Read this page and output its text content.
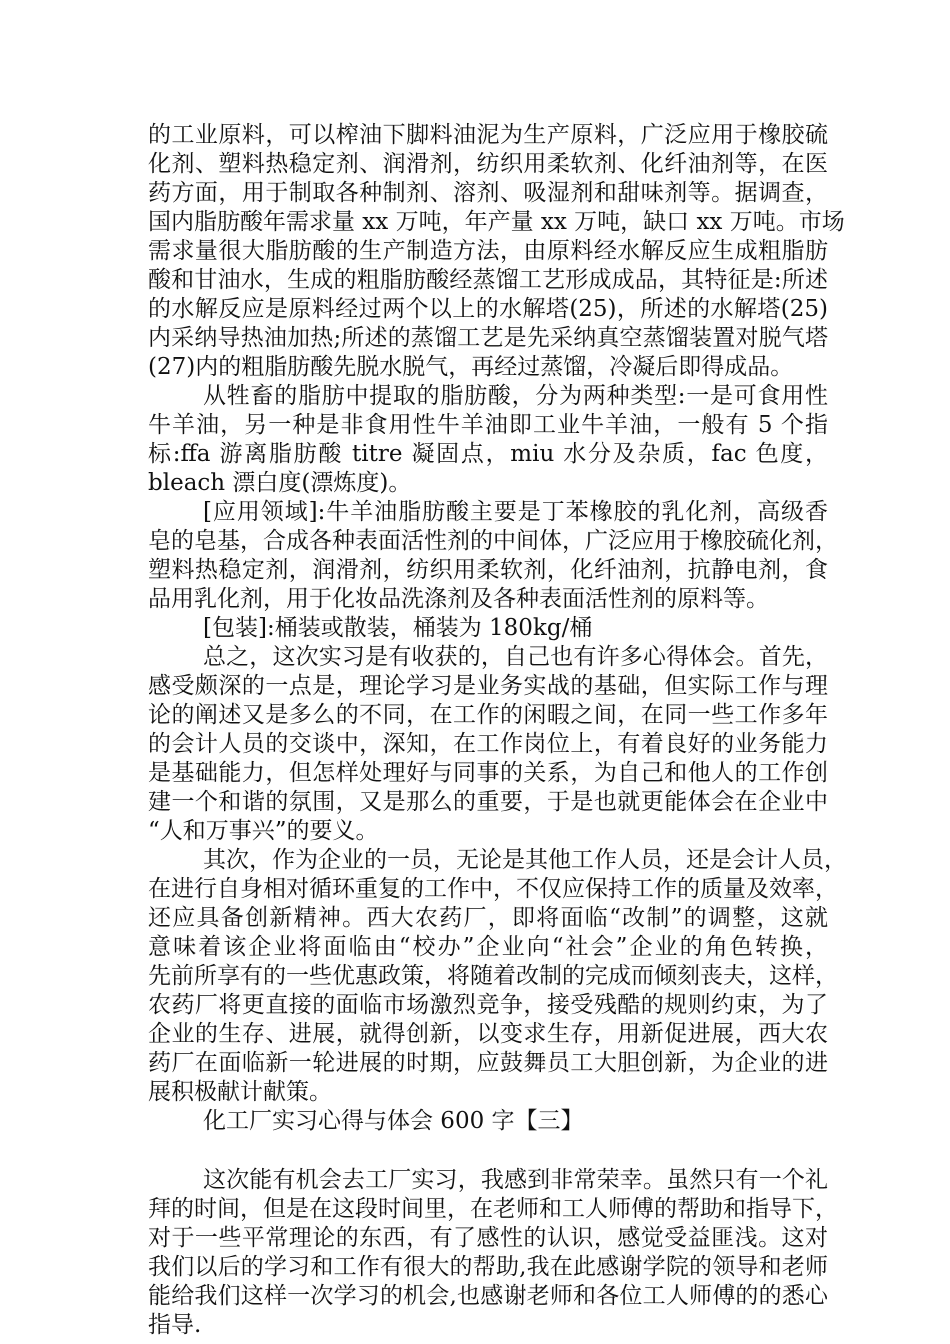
的工业原料，可以榨油下脚料油泥为生产原料，广泛应用于橡胶硫
化剂、塑料热稳定剂、润滑剂，纺织用柔软剂、化纤油剂等，在医
药方面，用于制取各种制剂、溶剂、吸湿剂和甜味剂等。据调查，
国内脂肪酸年需求量 xx 万吨，年产量 xx 万吨，缺口 xx 万吨。市场
需求量很大脂肪酸的生产制造方法，由原料经水解反应生成粗脂肪
酸和甘油水，生成的粗脂肪酸经蒸馏工艺形成成品，其特征是:所述
的水解反应是原料经过两个以上的水解塔(25)，所述的水解塔(25)
内采纳导热油加热;所述的蒸馏工艺是先采纳真空蒸馏装置对脱气塔
(27)内的粗脂肪酸先脱水脱气，再经过蒸馏，冷凝后即得成品。
从牲畜的脂肪中提取的脂肪酸，分为两种类型:一是可食用性
牛羊油，另一种是非食用性牛羊油即工业牛羊油，一般有 5 个指
标:ffa 游离脂肪酸 titre 凝固点，miu 水分及杂质，fac 色度，
bleach 漂白度(漂炼度)。
[应用领域]:牛羊油脂肪酸主要是丁苯橡胶的乳化剂，高级香
皂的皂基，合成各种表面活性剂的中间体，广泛应用于橡胶硫化剂，
塑料热稳定剂，润滑剂，纺织用柔软剂，化纤油剂，抗静电剂，食
品用乳化剂，用于化妆品洗涤剂及各种表面活性剂的原料等。
[包装]:桶装或散装，桶装为 180kg/桶
总之，这次实习是有收获的，自己也有许多心得体会。首先，
感受颇深的一点是，理论学习是业务实战的基础，但实际工作与理
论的阐述又是多么的不同，在工作的闲暇之间，在同一些工作多年
的会计人员的交谈中，深知，在工作岗位上，有着良好的业务能力
是基础能力，但怎样处理好与同事的关系，为自己和他人的工作创
建一个和谐的氛围，又是那么的重要，于是也就更能体会在企业中
“人和万事兴”的要义。
其次，作为企业的一员，无论是其他工作人员，还是会计人员，
在进行自身相对循环重复的工作中，不仅应保持工作的质量及效率，
还应具备创新精神。西大农药厂，即将面临“改制”的调整，这就
意味着该企业将面临由“校办”企业向“社会”企业的角色转换，
先前所享有的一些优惠政策，将随着改制的完成而倾刻丧夫，这样，
农药厂将更直接的面临市场激烈竞争，接受残酷的规则约束，为了
企业的生存、进展，就得创新，以变求生存，用新促进展，西大农
药厂在面临新一轮进展的时期，应鼓舞员工大胆创新，为企业的进
展积极献计献策。
化工厂实习心得与体会 600 字【三】
这次能有机会去工厂实习，我感到非常荣幸。虽然只有一个礼
拜的时间，但是在这段时间里，在老师和工人师傅的帮助和指导下，
对于一些平常理论的东西，有了感性的认识，感觉受益匪浅。这对
我们以后的学习和工作有很大的帮助,我在此感谢学院的领导和老师
能给我们这样一次学习的机会,也感谢老师和各位工人师傅的的悉心
指导.
